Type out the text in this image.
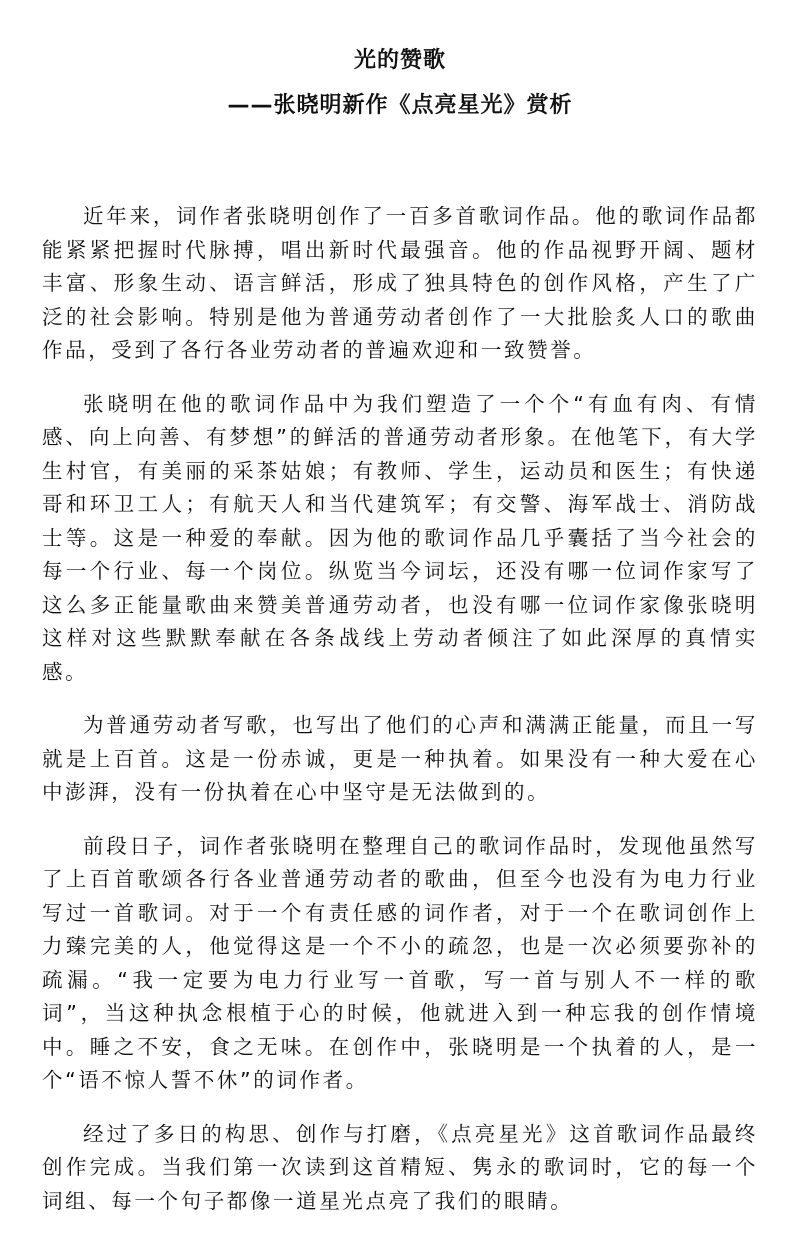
光的赞歌
——张晓明新作《点亮星光》赏析

近年来，词作者张晓明创作了一百多首歌词作品。他的歌词作品都能紧紧把握时代脉搏，唱出新时代最强音。他的作品视野开阔、题材丰富、形象生动、语言鲜活，形成了独具特色的创作风格，产生了广泛的社会影响。特别是他为普通劳动者创作了一大批脍炙人口的歌曲作品，受到了各行各业劳动者的普遍欢迎和一致赞誉。

张晓明在他的歌词作品中为我们塑造了一个个“有血有肉、有情感、向上向善、有梦想”的鲜活的普通劳动者形象。在他笔下，有大学生村官，有美丽的采茶姑娘；有教师、学生，运动员和医生；有快递哥和环卫工人；有航天人和当代建筑军；有交警、海军战士、消防战士等。这是一种爱的奉献。因为他的歌词作品几乎囊括了当今社会的每一个行业、每一个岗位。纵览当今词坛，还没有哪一位词作家写了这么多正能量歌曲来赞美普通劳动者，也没有哪一位词作家像张晓明这样对这些默默奉献在各条战线上劳动者倾注了如此深厚的真情实感。

为普通劳动者写歌，也写出了他们的心声和满满正能量，而且一写就是上百首。这是一份赤诚，更是一种执着。如果没有一种大爱在心中澎湃，没有一份执着在心中坚守是无法做到的。

前段日子，词作者张晓明在整理自己的歌词作品时，发现他虽然写了上百首歌颂各行各业普通劳动者的歌曲，但至今也没有为电力行业写过一首歌词。对于一个有责任感的词作者，对于一个在歌词创作上力臻完美的人，他觉得这是一个不小的疏忽，也是一次必须要弥补的疏漏。“我一定要为电力行业写一首歌，写一首与别人不一样的歌词”，当这种执念根植于心的时候，他就进入到一种忘我的创作情境中。睡之不安，食之无味。在创作中，张晓明是一个执着的人，是一个“语不惊人誓不休”的词作者。

经过了多日的构思、创作与打磨，《点亮星光》这首歌词作品最终创作完成。当我们第一次读到这首精短、隽永的歌词时，它的每一个词组、每一个句子都像一道星光点亮了我们的眼睛。
